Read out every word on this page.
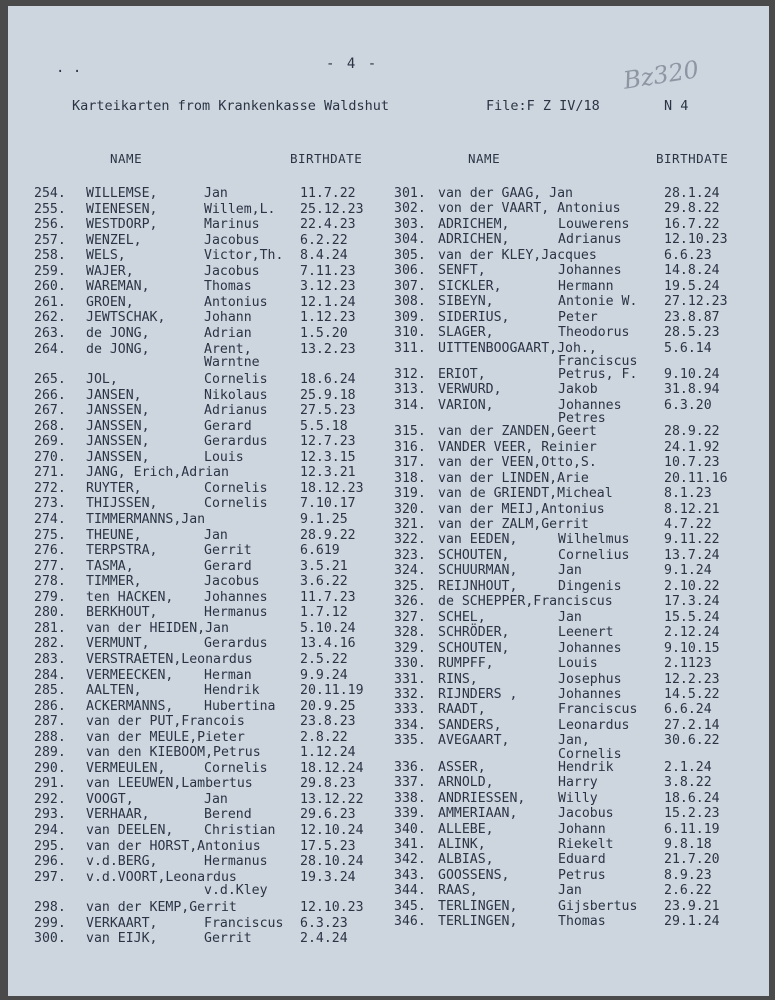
. .	- 4 -	Bz320
Karteikarten from Krankenkasse Waldshut	File:F Z IV/18	N 4
NAME	BIRTHDATE	NAME	BIRTHDATE
254. WILLEMSE,	Jan	11.7.22
255. WIENESEN,	Willem,L. 25.12.23
256. WESTDORP,	Marinus	22.4.23
257. WENZEL,	Jacobus	6.2.22
258. WELS,	Victor,Th. 8.4.24
259. WAJER,	Jacobus	7.11.23
260. WAREMAN,	Thomas	3.12.23
261. GROEN,	Antonius 12.1.24
262. JEWTSCHAK,	Johann	1.12.23
263. de JONG,	Adrian	1.5.20
264. de JONG,	Arent,	13.2.23
Warntne
265. JOL,	Cornelis 18.6.24
266. JANSEN,	Nikolaus 25.9.18
267. JANSSEN,	Adrianus 27.5.23
268. JANSSEN,	Gerard	5.5.18
269. JANSSEN,	Gerardus 12.7.23
270. JANSSEN,	Louis	12.3.15
271. JANG, Erich,Adrian	12.3.21
272. RUYTER,	Cornelis 18.12.23
273. THIJSSEN,	Cornelis 7.10.17
274. TIMMERMANNS,Jan	9.1.25
275. THEUNE,	Jan	28.9.22
276. TERPSTRA,	Gerrit	6.619
277. TASMA,	Gerard	3.5.21
278. TIMMER,	Jacobus	3.6.22
279. ten HACKEN, Johannes 11.7.23
280. BERKHOUT,	Hermanus 1.7.12
281. van der HEIDEN,Jan	5.10.24
282. VERMUNT,	Gerardus 13.4.16
283. VERSTRAETEN,Leonardus	2.5.22
284. VERMEECKEN, Herman	9.9.24
285. AALTEN,	Hendrik	20.11.19
286. ACKERMANNS, Hubertina 20.9.25
287. van der PUT,Francois	23.8.23
288. van der MEULE,Pieter	2.8.22
289. van den KIEBOOM,Petrus	1.12.24
290. VERMEULEN,	Cornelis 18.12.24
291. van LEEUWEN,Lambertus	29.8.23
292. VOOGT,	Jan	13.12.22
293. VERHAAR,	Berend	29.6.23
294. van DEELEN, Christian 12.10.24
295. van der HORST,Antonius	17.5.23
296. v.d.BERG,	Hermanus 28.10.24
297. v.d.VOORT,Leonardus	19.3.24
v.d.Kley
298. van der KEMP,Gerrit	12.10.23
299. VERKAART,	Franciscus 6.3.23
300. van EIJK,	Gerrit	2.4.24
301. van der GAAG, Jan	28.1.24
302. von der VAART, Antonius	29.8.22
303. ADRICHEM,	Louwerens	16.7.22
304. ADRICHEN,	Adrianus	12.10.23
305. van der KLEY,Jacques	6.6.23
306. SENFT,	Johannes	14.8.24
307. SICKLER,	Hermann	19.5.24
308. SIBEYN,	Antonie W. 27.12.23
309. SIDERIUS,	Peter	23.8.87
310. SLAGER,	Theodorus	28.5.23
311. UITTENBOOGAART,Joh.,	5.6.14
Franciscus
312. ERIOT,	Petrus, F. 9.10.24
313. VERWURD,	Jakob	31.8.94
314. VARION,	Johannes	6.3.20
Petres
315. van der ZANDEN,Geert	28.9.22
316. VANDER VEER, Reinier	24.1.92
317. van der VEEN,Otto,S.	10.7.23
318. van der LINDEN,Arie	20.11.16
319. van de GRIENDT,Micheal	8.1.23
320. van der MEIJ,Antonius	8.12.21
321. van der ZALM,Gerrit	4.7.22
322. van EEDEN,	Wilhelmus	9.11.22
323. SCHOUTEN,	Cornelius	13.7.24
324. SCHUURMAN,	Jan	9.1.24
325. REIJNHOUT,	Dingenis	2.10.22
326. de SCHEPPER,Franciscus	17.3.24
327. SCHEL,	Jan	15.5.24
328. SCHRÖDER,	Leenert	2.12.24
329. SCHOUTEN,	Johannes	9.10.15
330. RUMPFF,	Louis	2.1123
331. RINS,	Josephus	12.2.23
332. RIJNDERS ,	Johannes	14.5.22
333. RAADT,	Franciscus 6.6.24
334. SANDERS,	Leonardus	27.2.14
335. AVEGAART,	Jan,	30.6.22
Cornelis
336. ASSER,	Hendrik	2.1.24
337. ARNOLD,	Harry	3.8.22
338. ANDRIESSEN, Willy	18.6.24
339. AMMERIAAN,	Jacobus	15.2.23
340. ALLEBE,	Johann	6.11.19
341. ALINK,	Riekelt	9.8.18
342. ALBIAS,	Eduard	21.7.20
343. GOOSSENS,	Petrus	8.9.23
344. RAAS,	Jan	2.6.22
345. TERLINGEN,	Gijsbertus 23.9.21
346. TERLINGEN,	Thomas	29.1.24
